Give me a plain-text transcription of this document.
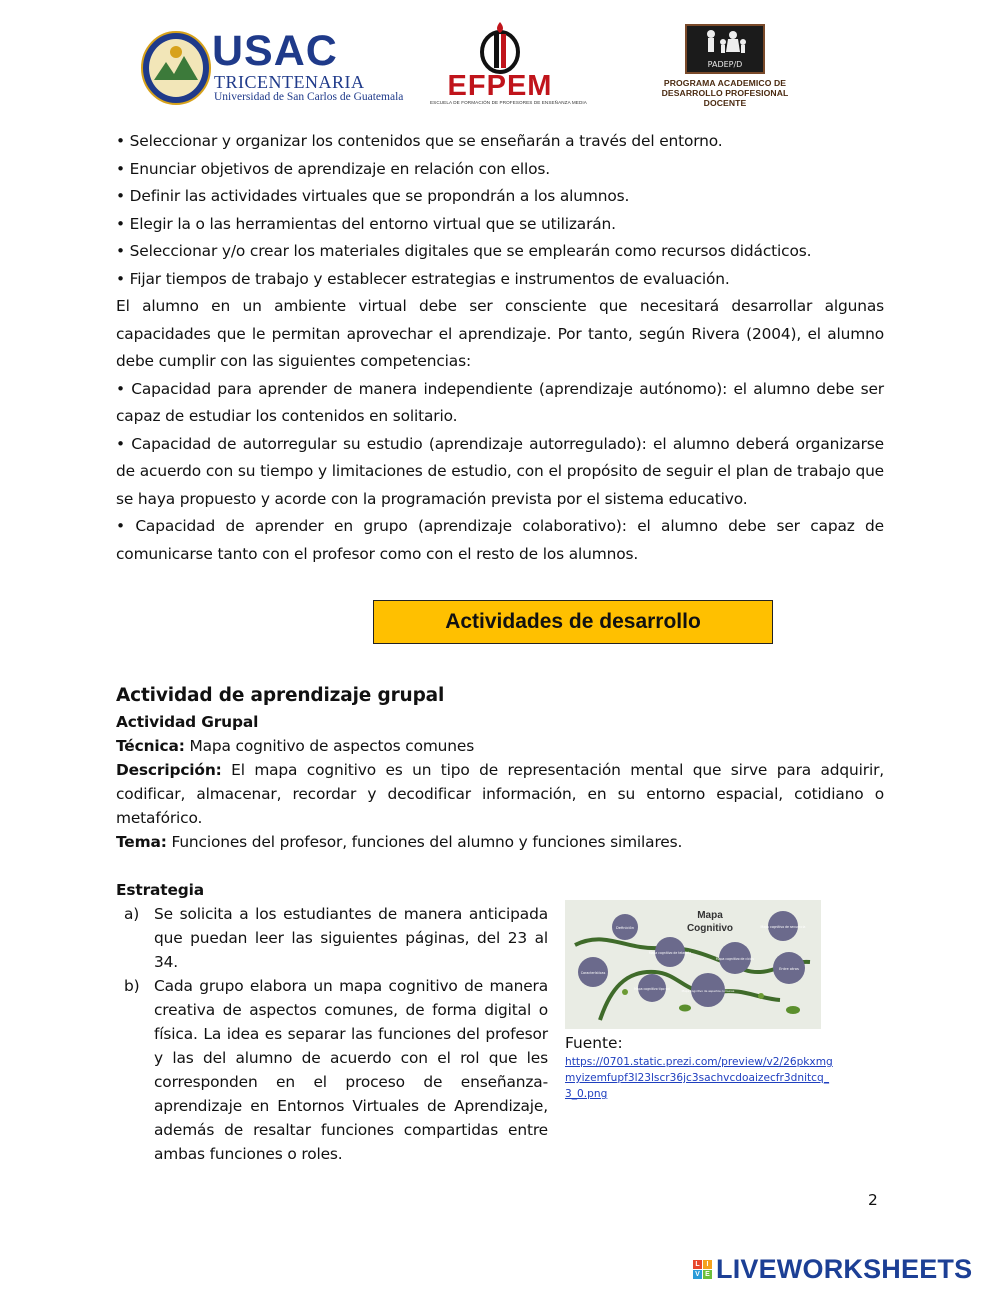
USAC
TRICENTENARIA
Universidad de San Carlos de Guatemala	EFPEM
ESCUELA DE FORMACIÓN DE PROFESORES DE ENSEÑANZA MEDIA
PADEP/D
PROGRAMA ACADEMICO DE
DESARROLLO PROFESIONAL DOCENTE

• Seleccionar y organizar los contenidos que se enseñarán a través del entorno.

• Enunciar objetivos de aprendizaje en relación con ellos.

• Definir las actividades virtuales que se propondrán a los alumnos.

• Elegir la o las herramientas del entorno virtual que se utilizarán.

• Seleccionar y/o crear los materiales digitales que se emplearán como recursos didácticos.

• Fijar tiempos de trabajo y establecer estrategias e instrumentos de evaluación.

El alumno en un ambiente virtual debe ser consciente que necesitará desarrollar algunas capacidades que le permitan aprovechar el aprendizaje. Por tanto, según Rivera (2004), el alumno debe cumplir con las siguientes competencias:

• Capacidad para aprender de manera independiente (aprendizaje autónomo): el alumno debe ser capaz de estudiar los contenidos en solitario.

• Capacidad de autorregular su estudio (aprendizaje autorregulado): el alumno deberá organizarse de acuerdo con su tiempo y limitaciones de estudio, con el propósito de seguir el plan de trabajo que se haya propuesto y acorde con la programación prevista por el sistema educativo.

• Capacidad de aprender en grupo (aprendizaje colaborativo): el alumno debe ser capaz de comunicarse tanto con el profesor como con el resto de los alumnos.

Actividades de desarrollo

Actividad de aprendizaje grupal

Actividad Grupal

Técnica: Mapa cognitivo de aspectos comunes

Descripción: El mapa cognitivo es un tipo de representación mental que sirve para adquirir, codificar, almacenar, recordar y decodificar información, en su entorno espacial, cotidiano o metafórico.

Tema: Funciones del profesor, funciones del alumno y funciones similares.

Estrategia
a) Se solicita a los estudiantes de manera anticipada que puedan leer las siguientes páginas, del 23 al 34.
b) Cada grupo elabora un mapa cognitivo de manera creativa de aspectos comunes, de forma digital o física. La idea es separar las funciones del profesor y las del alumno de acuerdo con el rol que les corresponden en el proceso de enseñanza-aprendizaje en Entornos Virtuales de Aprendizaje, además de resaltar funciones compartidas entre ambas funciones o roles.
Mapa
Cognitivo
Definición
Mapa cognitivo de telaraña
Mapa cognitivo de ciclos
Mapa cognitivo de secuencia
Características
Mapa cognitivo tipo sol	Mapa cognitivo de aspectos comunes
Entre otros
Fuente:
https://0701.static.prezi.com/preview/v2/26pkxmgmyizemfupf3l23lscr36jc3sachvcdoaizecfr3dnitcq_3_0.png
2
L I
V E LIVEWORKSHEETS
